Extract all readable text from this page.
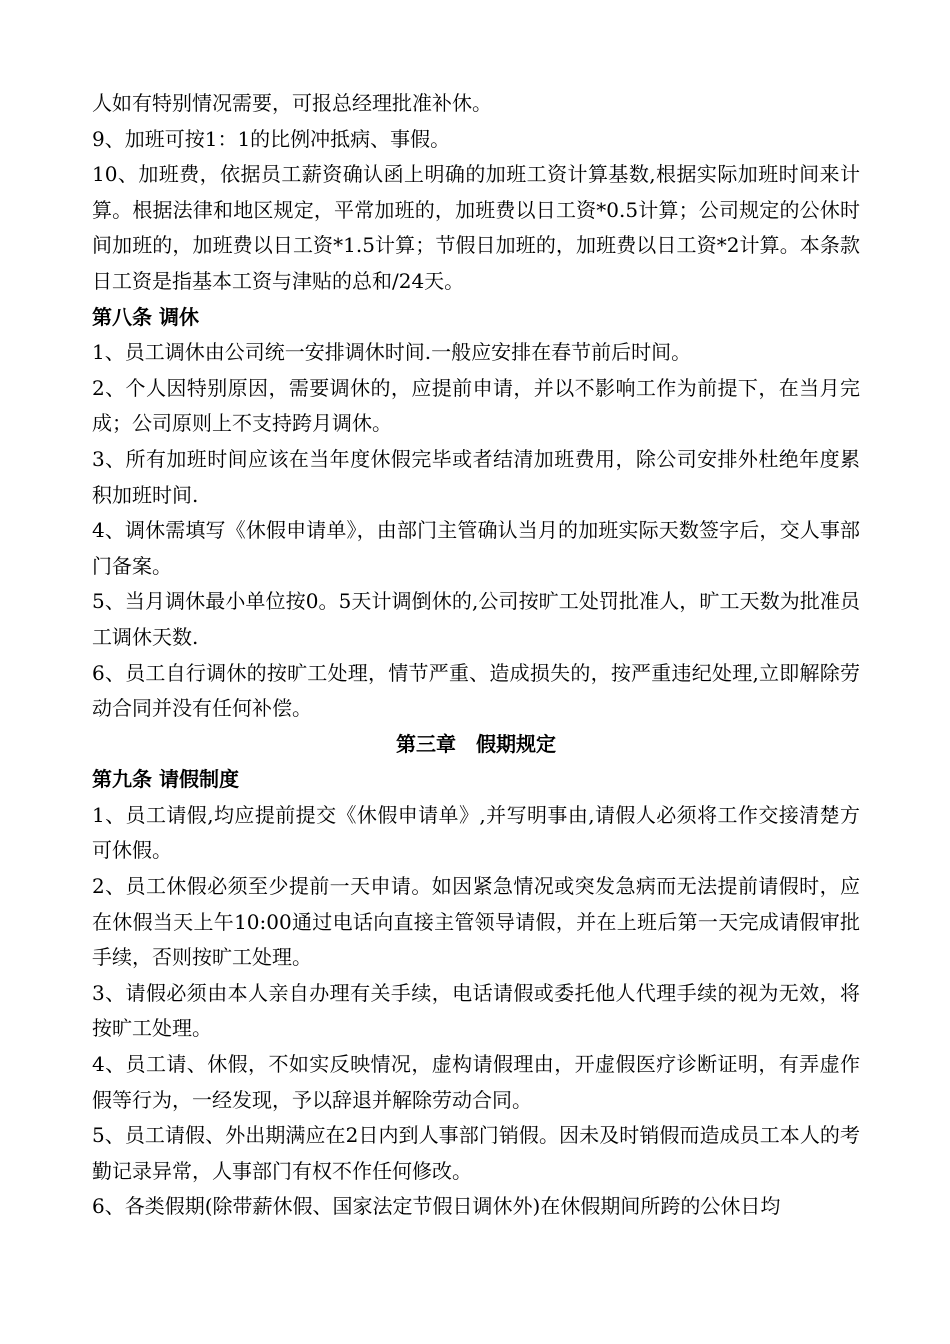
人如有特别情况需要，可报总经理批准补休。

9、加班可按1：1的比例冲抵病、事假。

10、加班费，依据员工薪资确认函上明确的加班工资计算基数,根据实际加班时间来计算。根据法律和地区规定，平常加班的，加班费以日工资*0.5计算；公司规定的公休时间加班的，加班费以日工资*1.5计算；节假日加班的，加班费以日工资*2计算。本条款日工资是指基本工资与津贴的总和/24天。

第八条 调休

1、员工调休由公司统一安排调休时间.一般应安排在春节前后时间。

2、个人因特别原因，需要调休的，应提前申请，并以不影响工作为前提下，在当月完成；公司原则上不支持跨月调休。

3、所有加班时间应该在当年度休假完毕或者结清加班费用，除公司安排外杜绝年度累积加班时间.

4、调休需填写《休假申请单》，由部门主管确认当月的加班实际天数签字后，交人事部门备案。

5、当月调休最小单位按0。5天计调倒休的,公司按旷工处罚批准人，旷工天数为批准员工调休天数.

6、员工自行调休的按旷工处理，情节严重、造成损失的，按严重违纪处理,立即解除劳动合同并没有任何补偿。

第三章　假期规定

第九条 请假制度

1、员工请假,均应提前提交《休假申请单》,并写明事由,请假人必须将工作交接清楚方可休假。

2、员工休假必须至少提前一天申请。如因紧急情况或突发急病而无法提前请假时，应在休假当天上午10:00通过电话向直接主管领导请假，并在上班后第一天完成请假审批手续，否则按旷工处理。

3、请假必须由本人亲自办理有关手续，电话请假或委托他人代理手续的视为无效，将按旷工处理。

4、员工请、休假，不如实反映情况，虚构请假理由，开虚假医疗诊断证明，有弄虚作假等行为，一经发现，予以辞退并解除劳动合同。

5、员工请假、外出期满应在2日内到人事部门销假。因未及时销假而造成员工本人的考勤记录异常，人事部门有权不作任何修改。

6、各类假期(除带薪休假、国家法定节假日调休外)在休假期间所跨的公休日均
